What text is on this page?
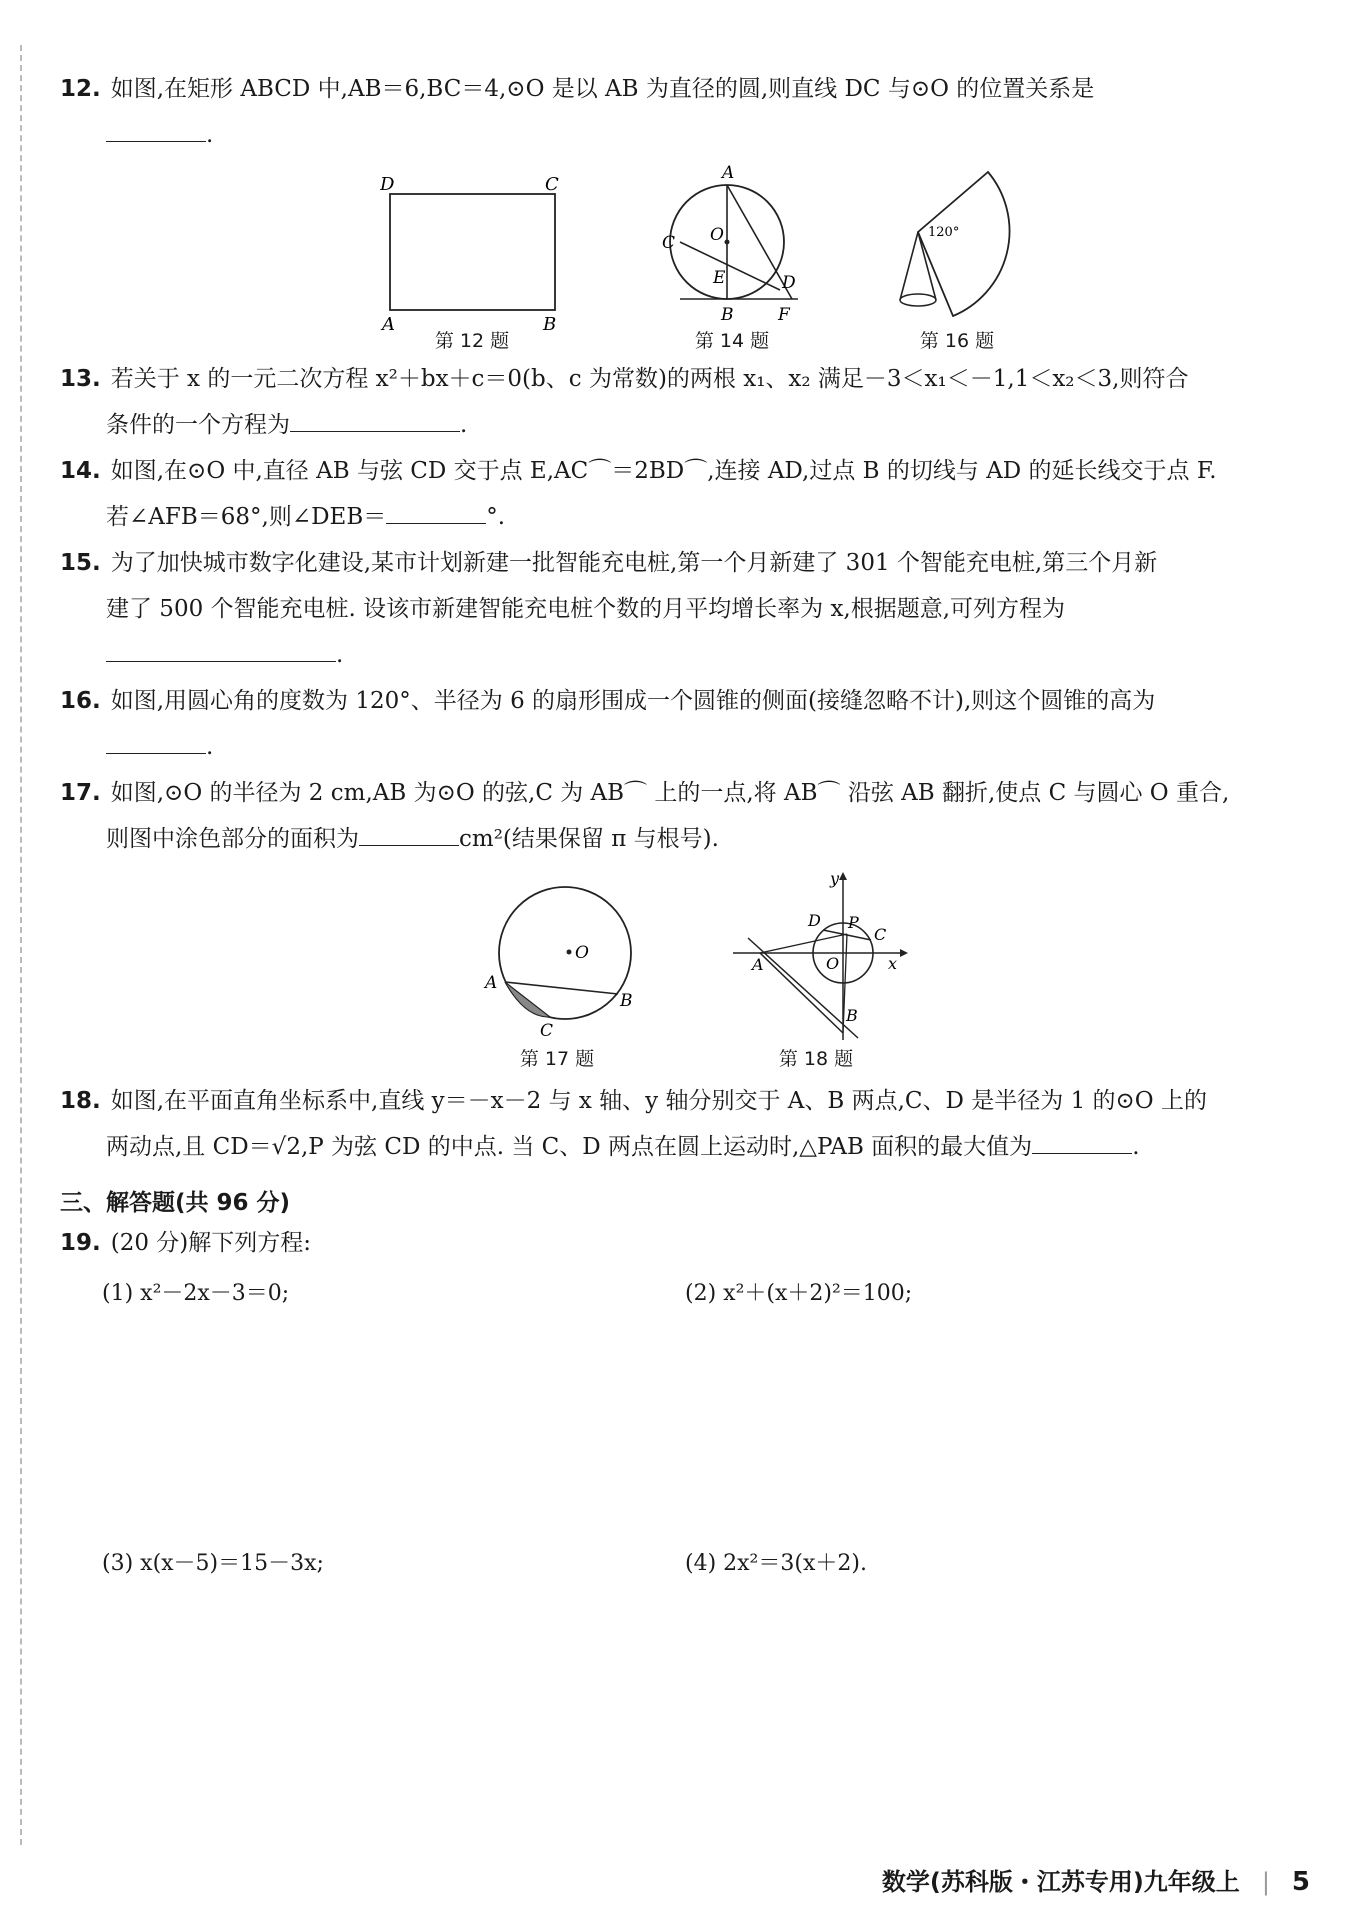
12. 如图,在矩形 ABCD 中,AB＝6,BC＝4,⊙O 是以 AB 为直径的圆,则直线 DC 与⊙O 的位置关系是
.
D	C
A	B
第 12 题
A
C O
E	D
B	F
第 14 题
120°
第 16 题
13. 若关于 x 的一元二次方程 x²＋bx＋c＝0(b、c 为常数)的两根 x₁、x₂ 满足－3＜x₁＜－1,1＜x₂＜3,则符合
条件的一个方程为	.
14. 如图,在⊙O 中,直径 AB 与弦 CD 交于点 E,AC⌒＝2BD⌒,连接 AD,过点 B 的切线与 AD 的延长线交于点 F.
若∠AFB＝68°,则∠DEB＝	°.
15. 为了加快城市数字化建设,某市计划新建一批智能充电桩,第一个月新建了 301 个智能充电桩,第三个月新
建了 500 个智能充电桩. 设该市新建智能充电桩个数的月平均增长率为 x,根据题意,可列方程为
.
16. 如图,用圆心角的度数为 120°、半径为 6 的扇形围成一个圆锥的侧面(接缝忽略不计),则这个圆锥的高为
.
17. 如图,⊙O 的半径为 2 cm,AB 为⊙O 的弦,C 为 AB⌒ 上的一点,将 AB⌒ 沿弦 AB 翻折,使点 C 与圆心 O 重合,
则图中涂色部分的面积为	cm²(结果保留 π 与根号).
O
A
B
C
第 17 题
y
D P
C
A	O	x
B
第 18 题
18. 如图,在平面直角坐标系中,直线 y＝－x－2 与 x 轴、y 轴分别交于 A、B 两点,C、D 是半径为 1 的⊙O 上的
两动点,且 CD＝√2,P 为弦 CD 的中点. 当 C、D 两点在圆上运动时,△PAB 面积的最大值为	.
三、解答题(共 96 分)
19. (20 分)解下列方程:
(1) x²－2x－3＝0;	(2) x²＋(x＋2)²＝100;
(3) x(x－5)＝15－3x;	(4) 2x²＝3(x＋2).
数学(苏科版・江苏专用)九年级上 | 5
